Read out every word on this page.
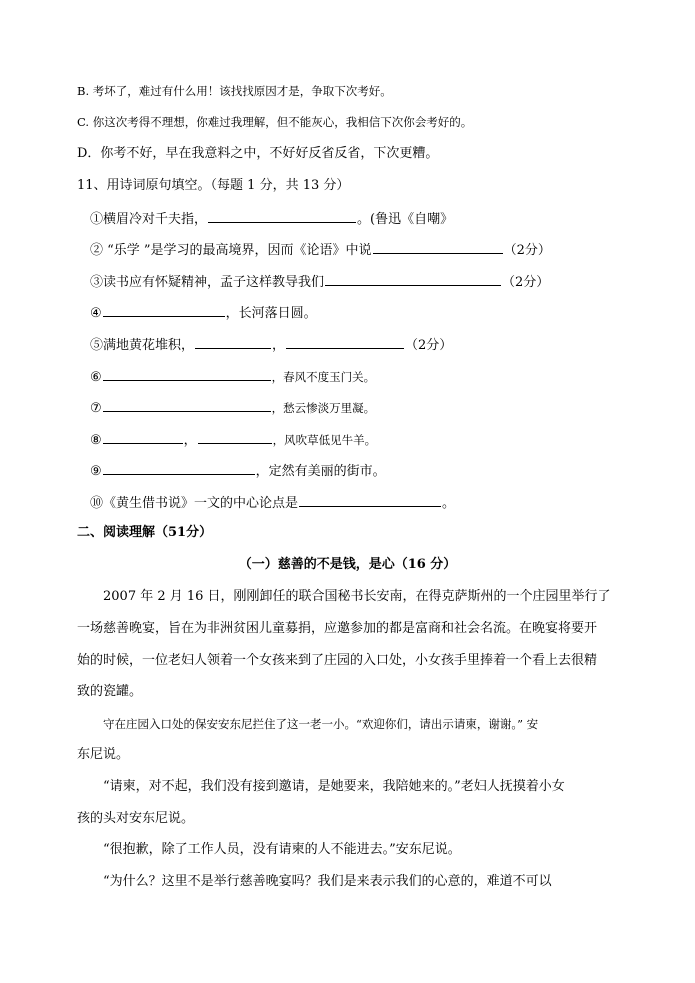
B. 考坏了，难过有什么用！该找找原因才是，争取下次考好。
C. 你这次考得不理想，你难过我理解，但不能灰心，我相信下次你会考好的。
D．你考不好，早在我意料之中，不好好反省反省，下次更糟。
11、用诗词原句填空。（每题 1 分，共 13 分）
①横眉冷对千夫指，	。(鲁迅《自嘲》
② “乐学 ”是学习的最高境界，因而《论语》中说	（2分）
③读书应有怀疑精神，孟子这样教导我们	（2分）
④	，长河落日圆。
⑤满地黄花堆积，	，	（2分）
⑥	，春风不度玉门关。
⑦	，愁云惨淡万里凝。
⑧	，	，风吹草低见牛羊。
⑨	，定然有美丽的街市。
⑩《黄生借书说》一文的中心论点是	。
二、阅读理解（51分）
（一）慈善的不是钱，是心（16 分）
2007 年 2 月 16 日，刚刚卸任的联合国秘书长安南，在得克萨斯州的一个庄园里举行了
一场慈善晚宴，旨在为非洲贫困儿童募捐，应邀参加的都是富商和社会名流。在晚宴将要开
始的时候，一位老妇人领着一个女孩来到了庄园的入口处，小女孩手里捧着一个看上去很精
致的瓷罐。
守在庄园入口处的保安安东尼拦住了这一老一小。“欢迎你们，请出示请柬，谢谢。” 安
东尼说。
“请柬，对不起，我们没有接到邀请，是她要来，我陪她来的。”老妇人抚摸着小女
孩的头对安东尼说。
“很抱歉，除了工作人员，没有请柬的人不能进去。”安东尼说。
“为什么？这里不是举行慈善晚宴吗？我们是来表示我们的心意的，难道不可以
